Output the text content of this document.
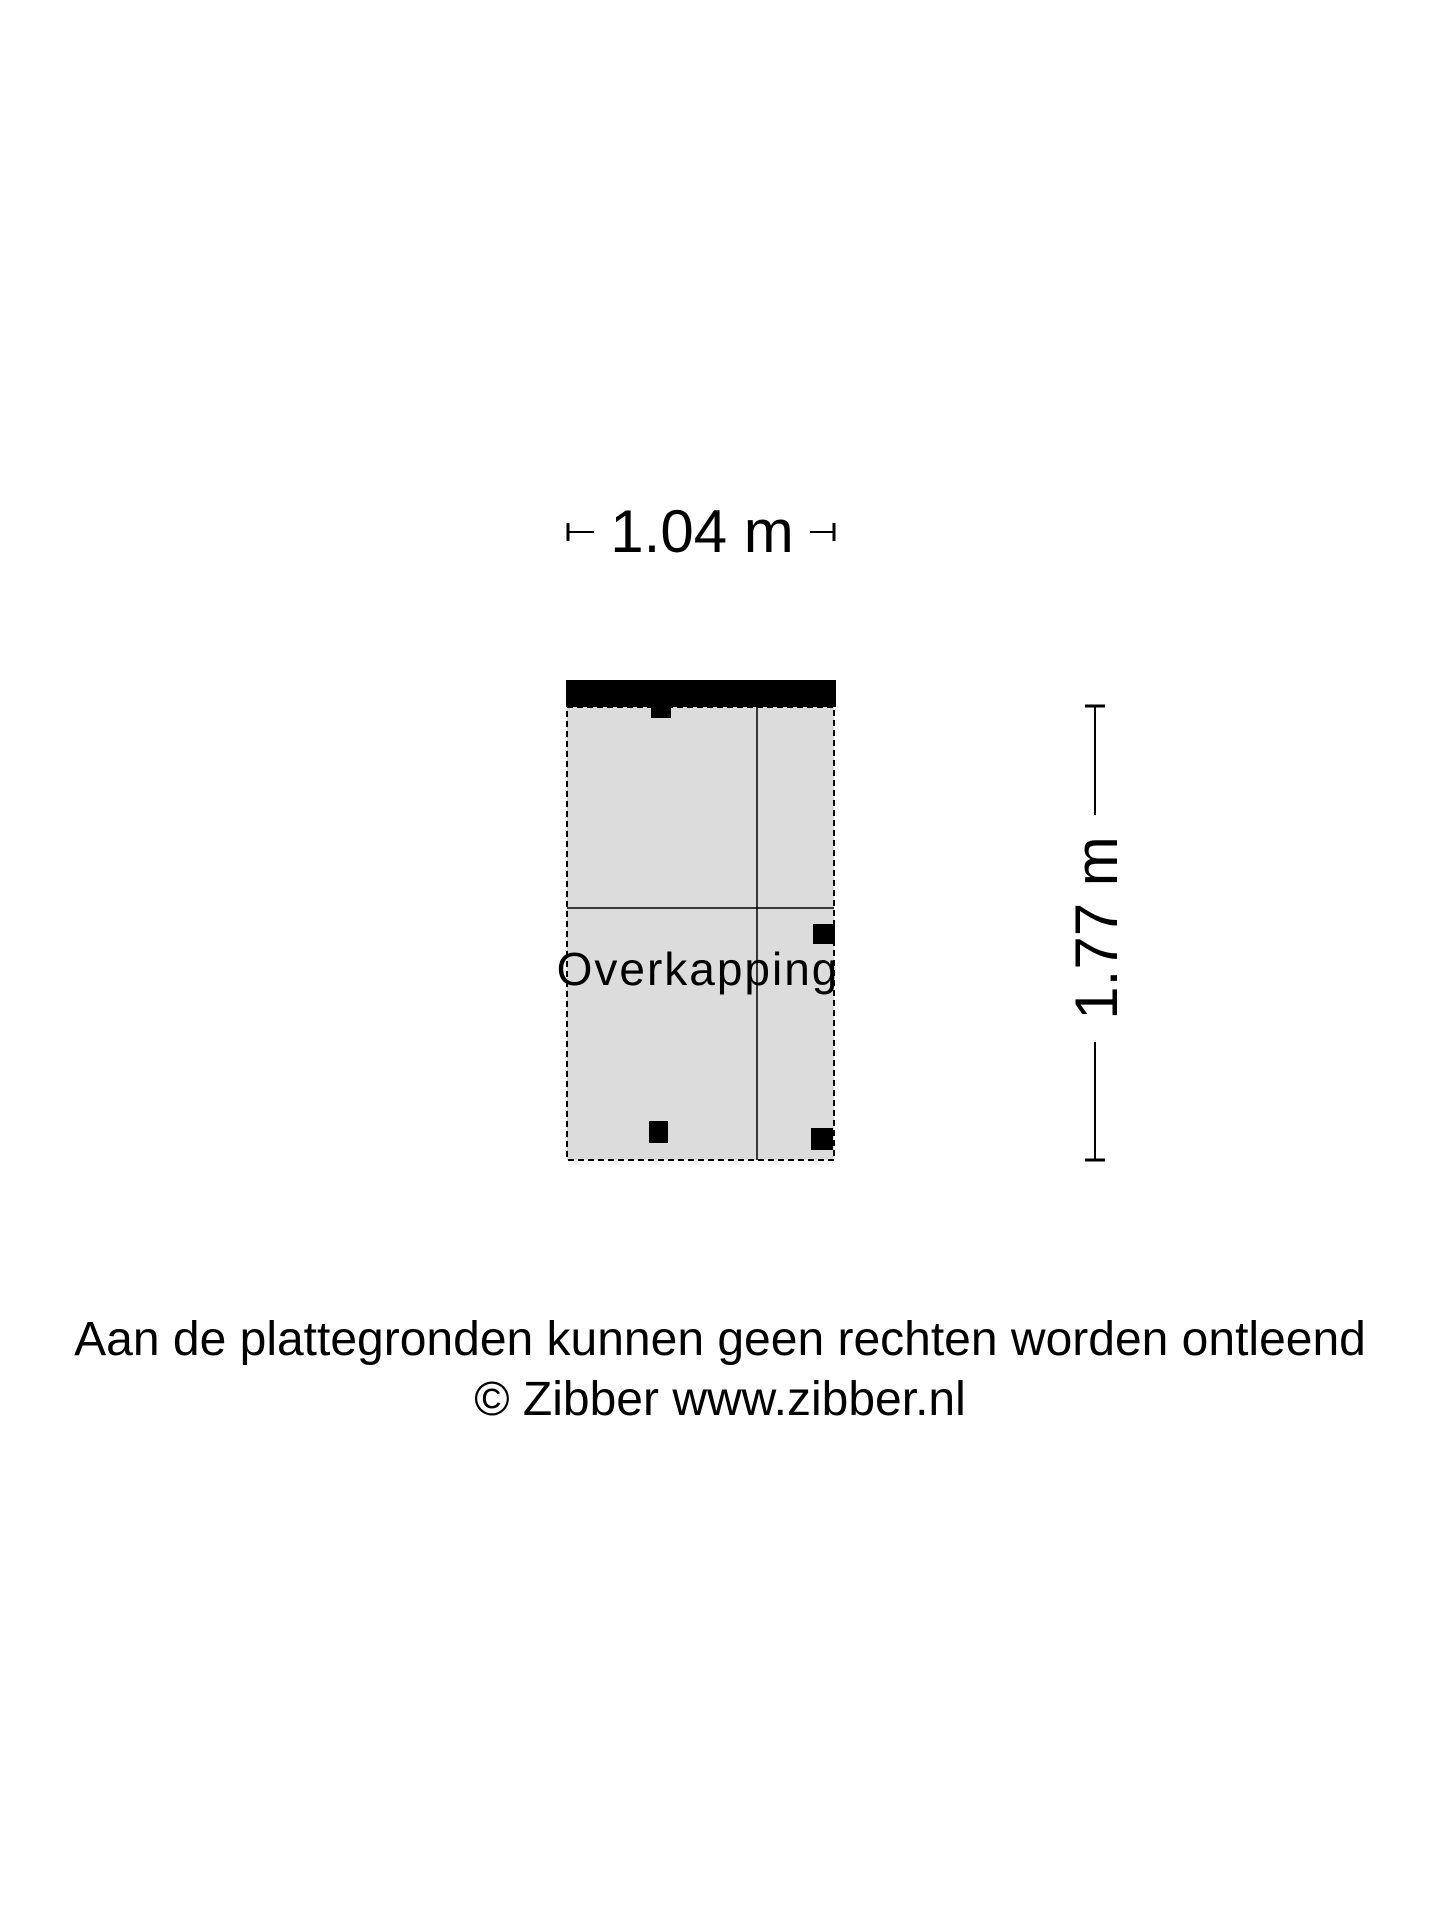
1.04 m
Overkapping	1.77 m
Aan de plattegronden kunnen geen rechten worden ontleend
© Zibber www.zibber.nl
